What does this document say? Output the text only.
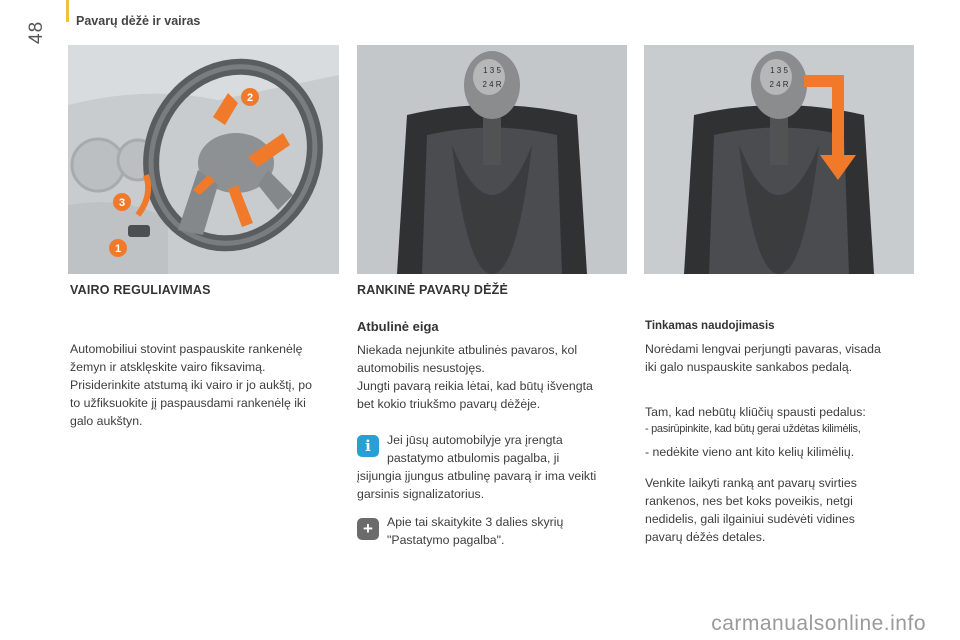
48 Pavarų dėžė ir vairas
2
3
1
1 3 5
2 4 R
1 3 5
2 4 R
VAIRO REGULIAVIMAS

Automobiliui stovint paspauskite rankenėlę

žemyn ir atsklęskite vairo fiksavimą.

Prisiderinkite atstumą iki vairo ir jo aukštį, po

to užfiksuokite jį paspausdami rankenėlę iki

galo aukštyn.

RANKINĖ PAVARŲ DĖŽĖ
Atbulinė eiga

Niekada nejunkite atbulinės pavaros, kol

automobilis nesustojęs.

Jungti pavarą reikia lėtai, kad būtų išvengta

bet kokio triukšmo pavarų dėžėje.

i	Jei jūsų automobilyje yra įrengta

pastatymo atbulomis pagalba, ji

įsijungia įjungus atbulinę pavarą ir ima veikti

garsinis signalizatorius.

+	Apie tai skaitykite 3 dalies skyrių

"Pastatymo pagalba".

Tinkamas naudojimasis

Norėdami lengvai perjungti pavaras, visada

iki galo nuspauskite sankabos pedalą.

Tam, kad nebūtų kliūčių spausti pedalus:
- pasirūpinkite, kad būtų gerai uždėtas kilimėlis,
- nedėkite vieno ant kito kelių kilimėlių.

Venkite laikyti ranką ant pavarų svirties

rankenos, nes bet koks poveikis, netgi

nedidelis, gali ilgainiui sudėvėti vidines

pavarų dėžės detales.

carmanualsonline.info
